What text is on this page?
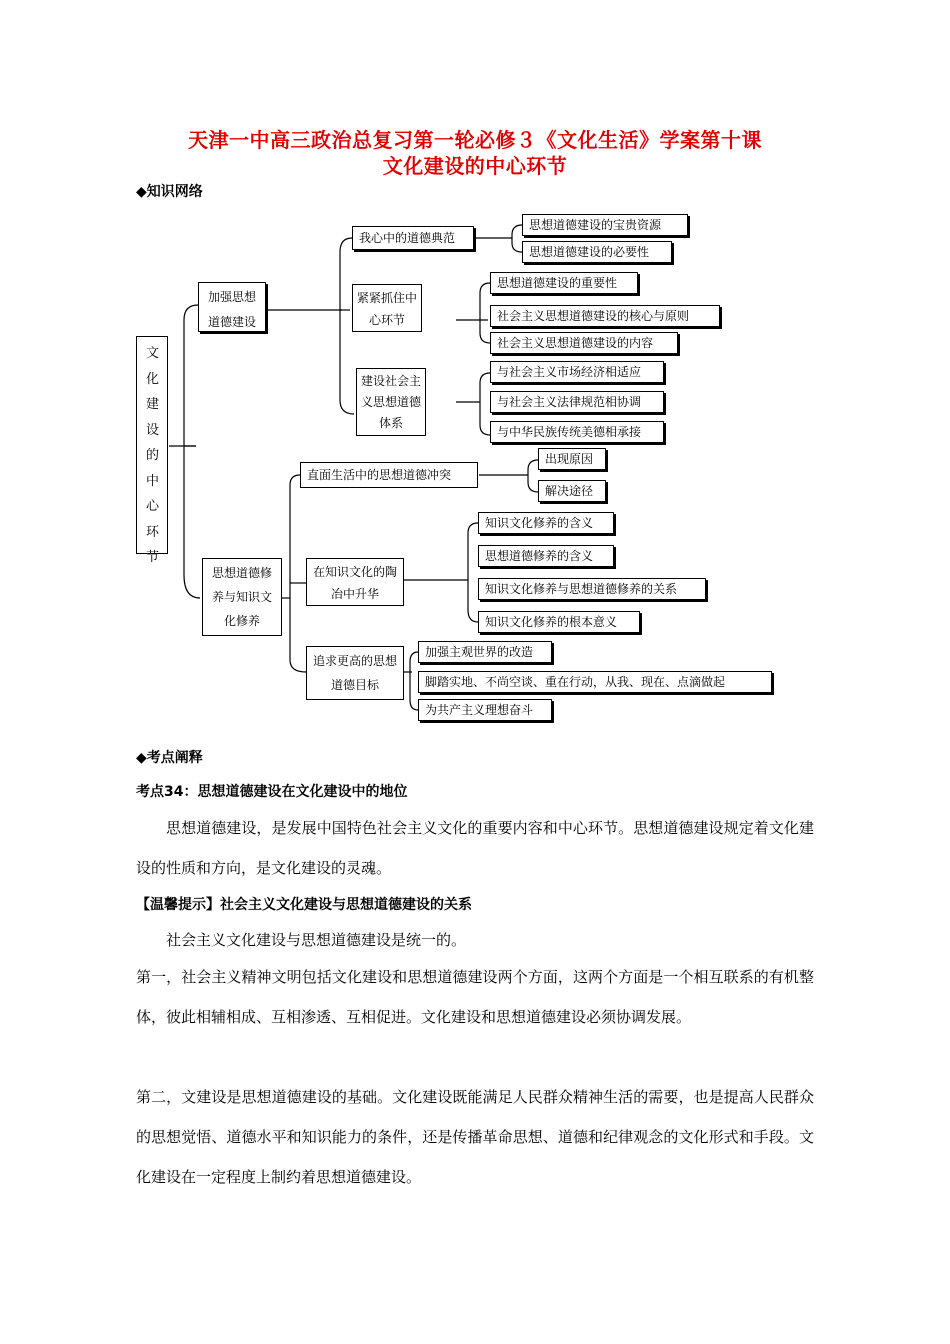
天津一中高三政治总复习第一轮必修３《文化生活》学案第十课
文化建设的中心环节
◆知识网络
文化建设的中心环节
加强思想道德建设
我心中的道德典范
思想道德建设的宝贵资源
思想道德建设的必要性
紧紧抓住中心环节
思想道德建设的重要性
社会主义思想道德建设的核心与原则
社会主义思想道德建设的内容
建设社会主义思想道德体系
与社会主义市场经济相适应
与社会主义法律规范相协调
与中华民族传统美德相承接
思想道德修养与知识文化修养
直面生活中的思想道德冲突
出现原因
解决途径
在知识文化的陶冶中升华
知识文化修养的含义
思想道德修养的含义
知识文化修养与思想道德修养的关系
知识文化修养的根本意义
追求更高的思想道德目标
加强主观世界的改造
脚踏实地、不尚空谈、重在行动，从我、现在、点滴做起
为共产主义理想奋斗
◆考点阐释
考点34：思想道德建设在文化建设中的地位
思想道德建设，是发展中国特色社会主义文化的重要内容和中心环节。思想道德建设规定着文化建设的性质和方向，是文化建设的灵魂。
【温馨提示】社会主义文化建设与思想道德建设的关系
社会主义文化建设与思想道德建设是统一的。
第一，社会主义精神文明包括文化建设和思想道德建设两个方面，这两个方面是一个相互联系的有机整体，彼此相辅相成、互相渗透、互相促进。文化建设和思想道德建设必须协调发展。
第二，文建设是思想道德建设的基础。文化建设既能满足人民群众精神生活的需要，也是提高人民群众的思想觉悟、道德水平和知识能力的条件，还是传播革命思想、道德和纪律观念的文化形式和手段。文化建设在一定程度上制约着思想道德建设。
